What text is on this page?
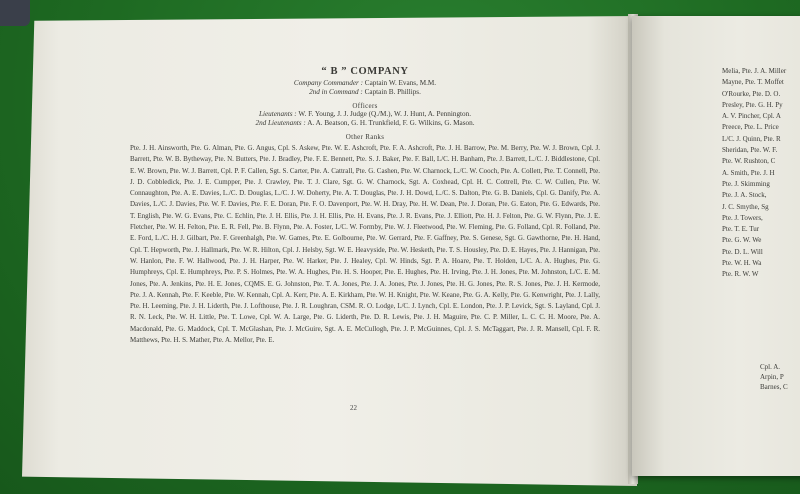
“ B ” COMPANY
Company Commander : Captain W. Evans, M.M.
2nd in Command : Captain B. Phillips.
Officers
Lieutenants : W. F. Young, J. J. Judge (Q./M.), W. J. Hunt, A. Pennington.
2nd Lieutenants : A. A. Beatson, G. H. Trunkfield, F. G. Wilkins, G. Mason.
Other Ranks
Pte. J. H. Ainsworth, Pte. G. Alman, Pte. G. Angus, Cpl. S. Askew, Pte. W. E. Ashcroft, Pte. F. A. Ashcroft, Pte. J. H. Barrow, Pte. M. Berry, Pte. W. J. Brown, Cpl. J. Barrett, Pte. W. B. Bytheway, Pte. N. Butters, Pte. J. Bradley, Pte. F. E. Bennett, Pte. S. J. Baker, Pte. F. Ball, L/C. H. Banham, Pte. J. Barrett, L./C. J. Biddlestone, Cpl. E. W. Brown, Pte. W. J. Barrett, Cpl. P. F. Callen, Sgt. S. Carter, Pte. A. Cattrall, Pte. G. Cashen, Pte. W. Charnock, L./C. W. Cooch, Pte. A. Collett, Pte. T. Connell, Pte. J. D. Cobbledick, Pte. J. E. Cumpper, Pte. J. Crawley, Pte. T. J. Clare, Sgt. G. W. Charnock, Sgt. A. Coxhead, Cpl. H. C. Cottrell, Pte. C. W. Cullen, Pte. W. Connaughton, Pte. A. E. Davies, L./C. D. Douglas, L./C. J. W. Doherty, Pte. A. T. Douglas, Pte. J. H. Dowd, L./C. S. Dalton, Pte. G. B. Daniels, Cpl. G. Danify, Pte. A. Davies, L./C. J. Davies, Pte. W. F. Davies, Pte. F. E. Doran, Pte. F. O. Davenport, Pte. W. H. Dray, Pte. H. W. Dean, Pte. J. Doran, Pte. G. Eaton, Pte. G. Edwards, Pte. T. English, Pte. W. G. Evans, Pte. C. Echlin, Pte. J. H. Ellis, Pte. J. H. Ellis, Pte. H. Evans, Pte. J. R. Evans, Pte. J. Elliott, Pte. H. J. Felton, Pte. G. W. Flynn, Pte. J. E. Fletcher, Pte. W. H. Felton, Pte. E. R. Fell, Pte. B. Flynn, Pte. A. Foster, L/C. W. Formby, Pte. W. J. Fleetwood, Pte. W. Fleming, Pte. G. Folland, Cpl. R. Folland, Pte. E. Ford, L./C. H. J. Gilbart, Pte. F. Greenhalgh, Pte. W. Games, Pte. E. Golbourne, Pte. W. Gerrard, Pte. F. Gaffney, Pte. S. Genese, Sgt. G. Gawthorne, Pte. H. Hand, Cpl. T. Hepworth, Pte. J. Hallmark, Pte. W. R. Hilton, Cpl. J. Helsby, Sgt. W. E. Heavyside, Pte. W. Hesketh, Pte. T. S. Housley, Pte. D. E. Hayes, Pte. J. Hannigan, Pte. W. Hanlon, Pte. F. W. Hallwood, Pte. J. H. Harper, Pte. W. Harker, Pte. J. Healey, Cpl. W. Hinds, Sgt. P. A. Hoare, Pte. T. Holden, L/C. A. A. Hughes, Pte. G. Humphreys, Cpl. E. Humphreys, Pte. P. S. Holmes, Pte. W. A. Hughes, Pte. H. S. Hooper, Pte. E. Hughes, Pte. H. Irving, Pte. J. H. Jones, Pte. M. Johnston, L/C. E. M. Jones, Pte. A. Jenkins, Pte. H. E. Jones, CQMS. E. G. Johnston, Pte. T. A. Jones, Pte. J. A. Jones, Pte. J. Jones, Pte. H. G. Jones, Pte. R. S. Jones, Pte. J. H. Kermode, Pte. J. A. Kennah, Pte. F. Keeble, Pte. W. Kennah, Cpl. A. Kerr, Pte. A. E. Kirkham, Pte. W. H. Knight, Pte. W. Keane, Pte. G. A. Kelly, Pte. G. Kenwright, Pte. J. Lally, Pte. H. Leeming, Pte. J. H. Liderth, Pte. J. Lofthouse, Pte. J. R. Loughran, CSM. R. O. Lodge, L/C. J. Lynch, Cpl. E. London, Pte. J. P. Levick, Sgt. S. Layland, Cpl. J. R. N. Leck, Pte. W. H. Little, Pte. T. Lowe, Cpl. W. A. Large, Pte. G. Liderth, Pte. D. R. Lewis, Pte. J. H. Maguire, Pte. C. P. Miller, L. C. C. H. Moore, Pte. A. Macdonald, Pte. G. Maddock, Cpl. T. McGlashan, Pte. J. McGuire, Sgt. A. E. McCullogh, Pte. J. P. McGuinnes, Cpl. J. S. McTaggart, Pte. J. R. Mansell, Cpl. F. R. Matthews, Pte. H. S. Mather, Pte. A. Mellor, Pte. E.
22
Melia, Pte. J. A. Miller
Mayne, Pte. T. Moffet
O'Rourke, Pte. D. O.
Presley, Pte. G. H. Py
A. V. Pincher, Cpl. A
Preece, Pte. L. Price
L/C. J. Quinn, Pte. R
Sheridan, Pte. W. F.
Pte. W. Rushton, C
A. Smith, Pte. J. H
Pte. J. Skimming
Pte. J. A. Stock,
J. C. Smythe, Sg
Pte. J. Towers,
Pte. T. E. Tur
Pte. G. W. We
Pte. D. L. Will
Pte. W. H. Wa
Pte. R. W. W
Cpl. A.
Arpin, P
Barnes, C
